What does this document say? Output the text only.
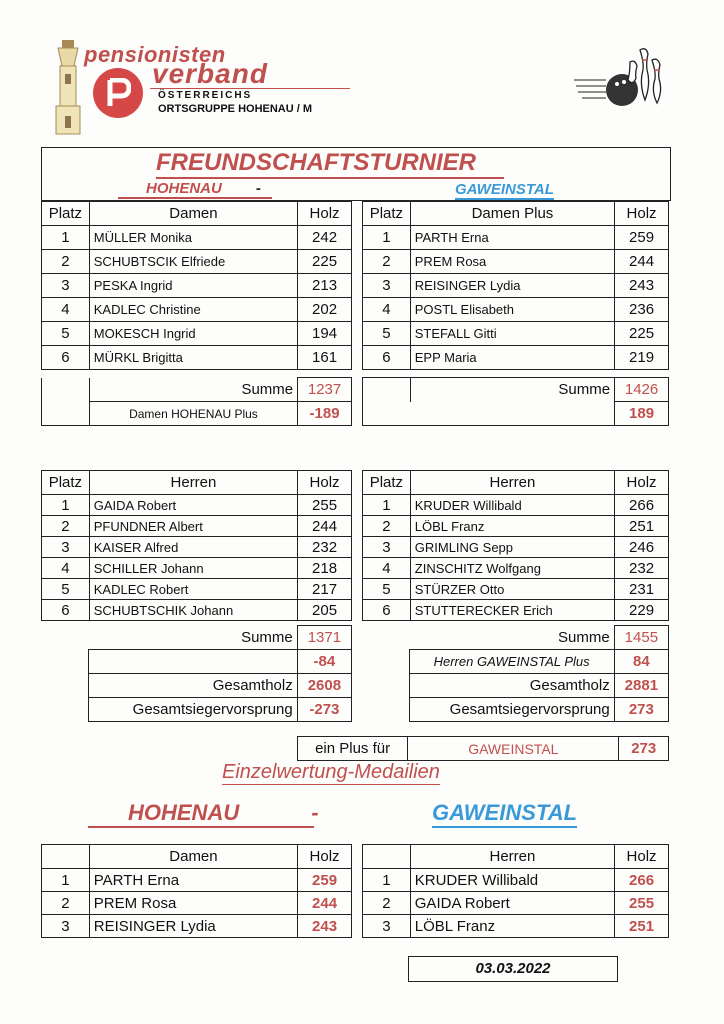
pensionisten
verband
ÖSTERREICHS
ORTSGRUPPE HOHENAU / M
FREUNDSCHAFTSTURNIER
HOHENAU -	GAWEINSTAL
Platz	Damen	Holz
1	MÜLLER Monika	242
2	SCHUBTSCIK Elfriede	225
3	PESKA Ingrid	213
4	KADLEC Christine	202
5	MOKESCH Ingrid	194
6	MÜRKL Brigitta	161
	Summe	1237
	Damen HOHENAU Plus	-189
Platz	Damen Plus	Holz
1	PARTH Erna	259
2	PREM Rosa	244
3	REISINGER Lydia	243
4	POSTL Elisabeth	236
5	STEFALL Gitti	225
6	EPP Maria	219
	Summe	1426
		189
Platz	Herren	Holz
1	GAIDA Robert	255
2	PFUNDNER Albert	244
3	KAISER Alfred	232
4	SCHILLER Johann	218
5	KADLEC Robert	217
6	SCHUBTSCHIK Johann	205
	Summe	1371
		-84
	Gesamtholz	2608
	Gesamtsiegervorsprung	-273
Platz	Herren	Holz
1	KRUDER Willibald	266
2	LÖBL Franz	251
3	GRIMLING Sepp	246
4	ZINSCHITZ Wolfgang	232
5	STÜRZER Otto	231
6	STUTTERECKER Erich	229
	Summe	1455
	Herren GAWEINSTAL Plus	84
	Gesamtholz	2881
	Gesamtsiegervorsprung	273
ein Plus für	GAWEINSTAL	273
Einzelwertung-Medailien
HOHENAU	-	GAWEINSTAL
	Damen	Holz
1	PARTH Erna	259
2	PREM Rosa	244
3	REISINGER Lydia	243
	Herren	Holz
1	KRUDER Willibald	266
2	GAIDA Robert	255
3	LÖBL Franz	251
03.03.2022
